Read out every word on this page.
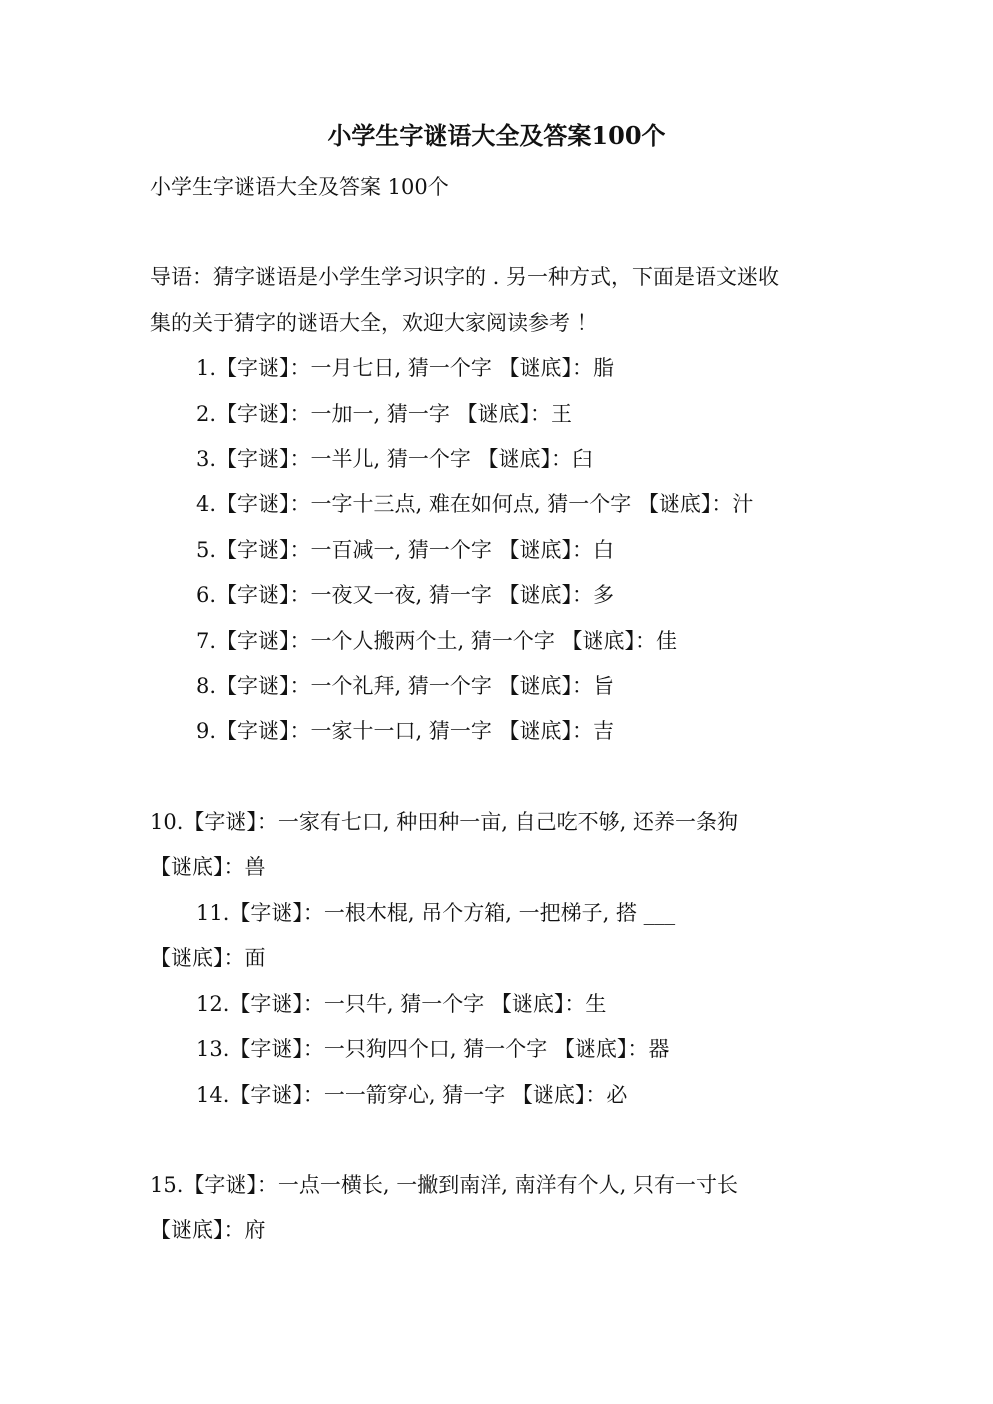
小学生字谜语大全及答案100个
小学生字谜语大全及答案 100个
导语：猜字谜语是小学生学习识字的 . 另一种方式，下面是语文迷收
集的关于猜字的谜语大全，欢迎大家阅读参考 ！
1.【字谜】：一月七日, 猜一个字 【谜底】：脂
2.【字谜】：一加一, 猜一字 【谜底】：王
3.【字谜】：一半儿, 猜一个字 【谜底】：臼
4.【字谜】：一字十三点, 难在如何点, 猜一个字 【谜底】：汁
5.【字谜】：一百减一, 猜一个字 【谜底】：白
6.【字谜】：一夜又一夜, 猜一字 【谜底】：多
7.【字谜】：一个人搬两个土, 猜一个字 【谜底】：佳
8.【字谜】：一个礼拜, 猜一个字 【谜底】：旨
9.【字谜】：一家十一口, 猜一字 【谜底】：吉
10.【字谜】：一家有七口, 种田种一亩, 自己吃不够, 还养一条狗
【谜底】：兽
11.【字谜】：一根木棍, 吊个方箱, 一把梯子, 搭 ___
【谜底】：面
12.【字谜】：一只牛, 猜一个字 【谜底】：生
13.【字谜】：一只狗四个口, 猜一个字 【谜底】：器
14.【字谜】：一一箭穿心, 猜一字 【谜底】：必
15.【字谜】：一点一横长, 一撇到南洋, 南洋有个人, 只有一寸长
【谜底】：府
